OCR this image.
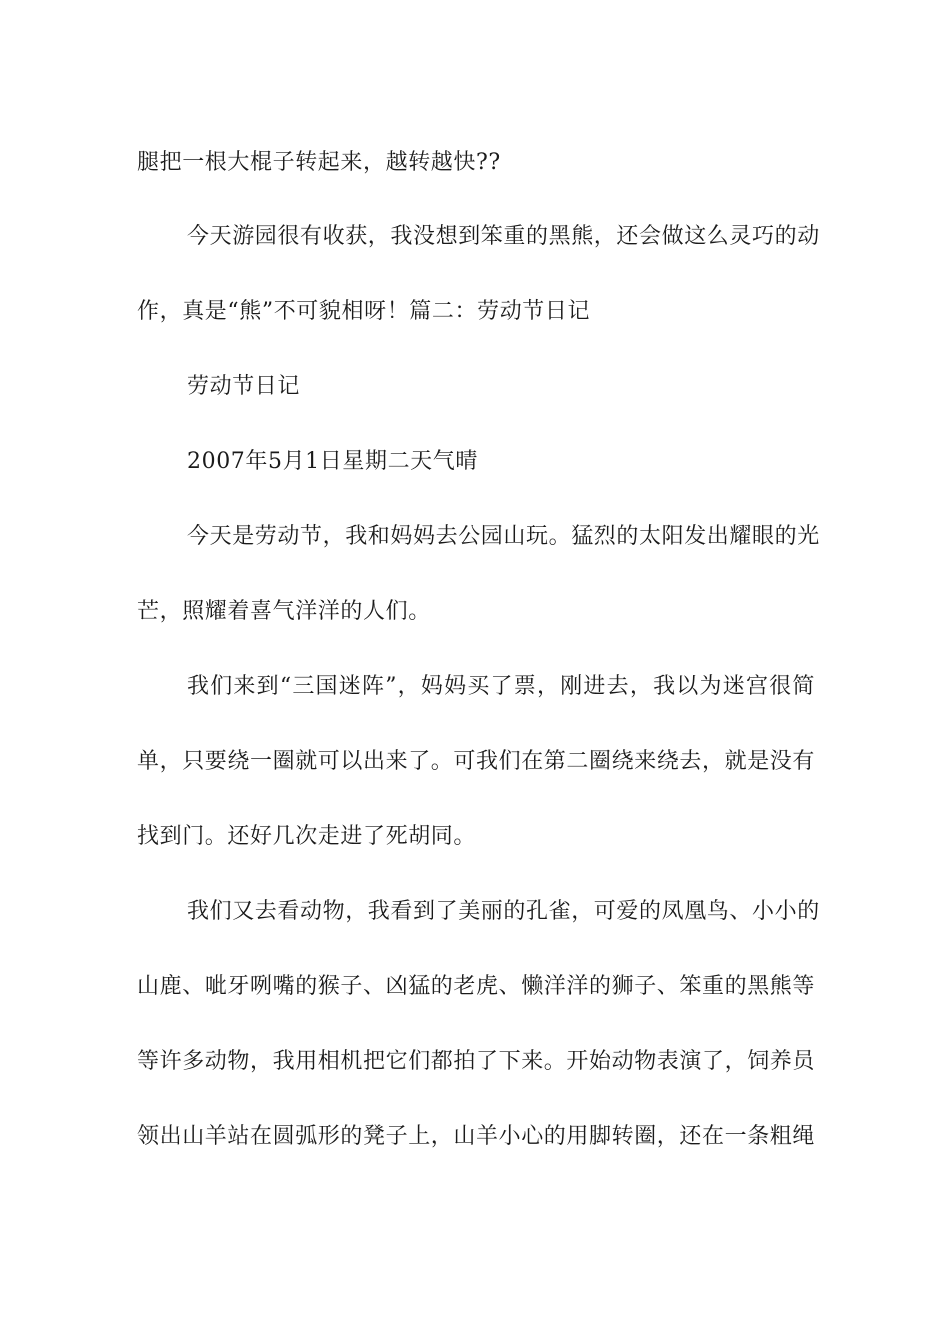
腿把一根大棍子转起来，越转越快??
今天游园很有收获，我没想到笨重的黑熊，还会做这么灵巧的动
作，真是“熊”不可貌相呀！篇二：劳动节日记
劳动节日记
2007年5月1日星期二天气晴
今天是劳动节，我和妈妈去公园山玩。猛烈的太阳发出耀眼的光
芒，照耀着喜气洋洋的人们。
我们来到“三国迷阵”，妈妈买了票，刚进去，我以为迷宫很简
单，只要绕一圈就可以出来了。可我们在第二圈绕来绕去，就是没有
找到门。还好几次走进了死胡同。
我们又去看动物，我看到了美丽的孔雀，可爱的凤凰鸟、小小的
山鹿、呲牙咧嘴的猴子、凶猛的老虎、懒洋洋的狮子、笨重的黑熊等
等许多动物，我用相机把它们都拍了下来。开始动物表演了，饲养员
领出山羊站在圆弧形的凳子上，山羊小心的用脚转圈，还在一条粗绳
